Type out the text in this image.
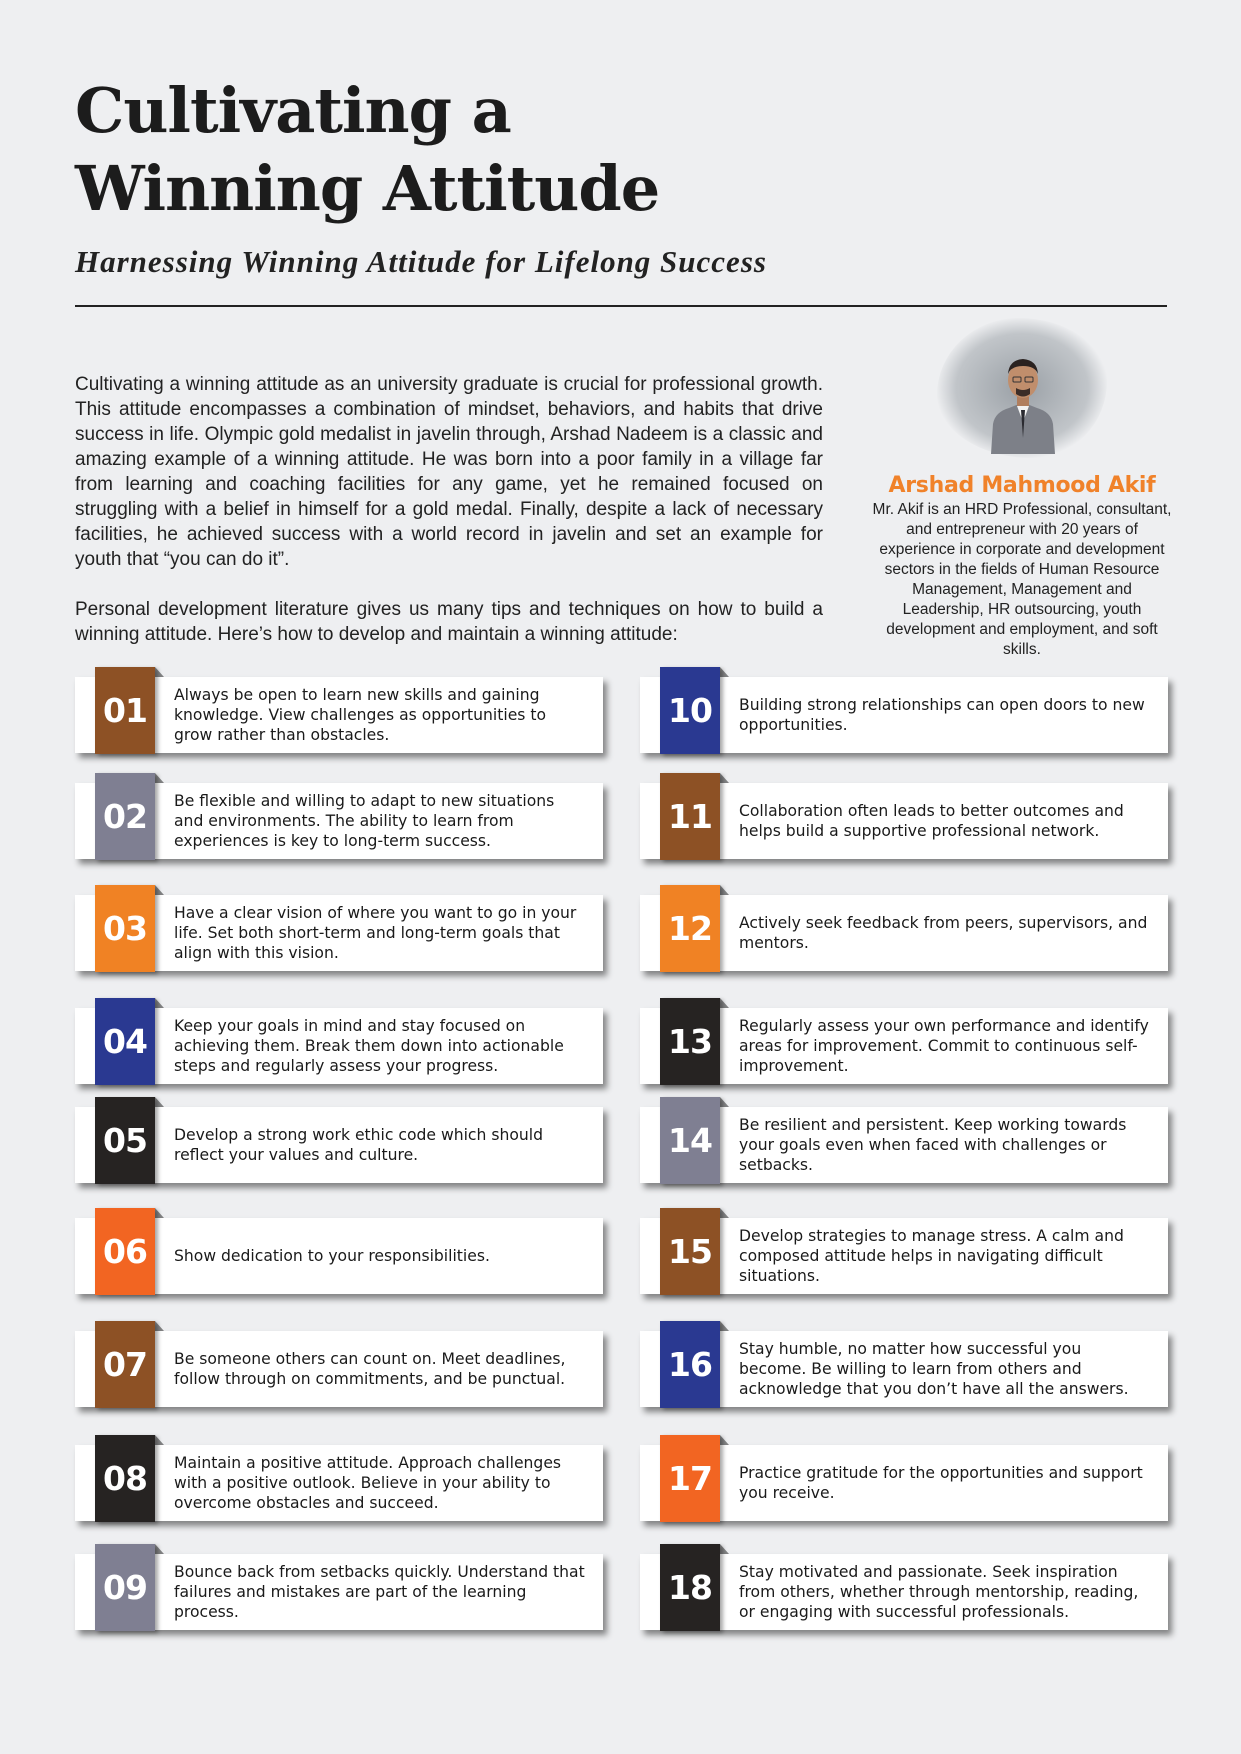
Cultivating a Winning Attitude
Harnessing Winning Attitude for Lifelong Success

Cultivating a winning attitude as an university graduate is crucial for professional growth. This attitude encompasses a combination of mindset, behaviors, and habits that drive success in life. Olympic gold medalist in javelin through, Arshad Nadeem is a classic and amazing example of a winning attitude. He was born into a poor family in a village far from learning and coaching facilities for any game, yet he remained focused on struggling with a belief in himself for a gold medal. Finally, despite a lack of necessary facilities, he achieved success with a world record in javelin and set an example for youth that “you can do it”.

Personal development literature gives us many tips and techniques on how to build a winning attitude. Here’s how to develop and maintain a winning attitude:

Arshad Mahmood Akif

Mr. Akif is an HRD Professional, consultant, and entrepreneur with 20 years of experience in corporate and development sectors in the fields of Human Resource Management, Management and Leadership, HR outsourcing, youth development and employment, and soft skills.

01	Always be open to learn new skills and gaining knowledge. View challenges as opportunities to grow rather than obstacles.
02	Be flexible and willing to adapt to new situations and environments. The ability to learn from experiences is key to long-term success.
03	Have a clear vision of where you want to go in your life. Set both short-term and long-term goals that align with this vision.
04	Keep your goals in mind and stay focused on achieving them. Break them down into actionable steps and regularly assess your progress.
05	Develop a strong work ethic code which should reflect your values and culture.
06	Show dedication to your responsibilities.
07	Be someone others can count on. Meet deadlines, follow through on commitments, and be punctual.
08	Maintain a positive attitude. Approach challenges with a positive outlook. Believe in your ability to overcome obstacles and succeed.
09	Bounce back from setbacks quickly. Understand that failures and mistakes are part of the learning process.
10	Building strong relationships can open doors to new opportunities.
11	Collaboration often leads to better outcomes and helps build a supportive professional network.
12	Actively seek feedback from peers, supervisors, and mentors.
13	Regularly assess your own performance and identify areas for improvement. Commit to continuous self-improvement.
14	Be resilient and persistent. Keep working towards your goals even when faced with challenges or setbacks.
15	Develop strategies to manage stress. A calm and composed attitude helps in navigating difficult situations.
16	Stay humble, no matter how successful you become. Be willing to learn from others and acknowledge that you don’t have all the answers.
17	Practice gratitude for the opportunities and support you receive.
18	Stay motivated and passionate. Seek inspiration from others, whether through mentorship, reading, or engaging with successful professionals.
